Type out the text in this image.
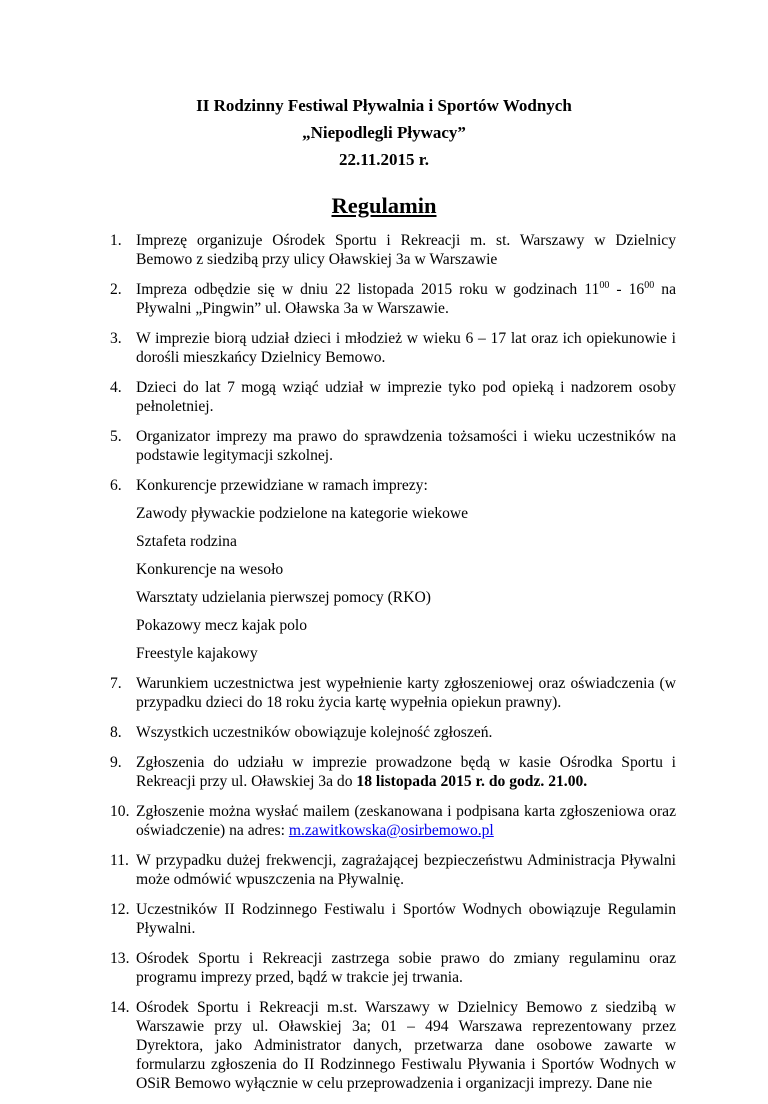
II Rodzinny Festiwal Pływalnia i Sportów Wodnych
„Niepodlegli Pływacy”
22.11.2015 r.
Regulamin
1. Imprezę organizuje Ośrodek Sportu i Rekreacji m. st. Warszawy w Dzielnicy Bemowo z siedzibą przy ulicy Oławskiej 3a w Warszawie
2. Impreza odbędzie się w dniu 22 listopada 2015 roku w godzinach $11^{00} - 16^{00}$ na Pływalni „Pingwin” ul. Oławska 3a w Warszawie.
3. W imprezie biorą udział dzieci i młodzież w wieku 6 – 17 lat oraz ich opiekunowie i dorośli mieszkańcy Dzielnicy Bemowo.
4. Dzieci do lat 7 mogą wziąć udział w imprezie tyko pod opieką i nadzorem osoby pełnoletniej.
5. Organizator imprezy ma prawo do sprawdzenia tożsamości i wieku uczestników na podstawie legitymacji szkolnej.
6. Konkurencje przewidziane w ramach imprezy:
Zawody pływackie podzielone na kategorie wiekowe
Sztafeta rodzina
Konkurencje na wesoło
Warsztaty udzielania pierwszej pomocy (RKO)
Pokazowy mecz kajak polo
Freestyle kajakowy
7. Warunkiem uczestnictwa jest wypełnienie karty zgłoszeniowej oraz oświadczenia (w przypadku dzieci do 18 roku życia kartę wypełnia opiekun prawny).
8. Wszystkich uczestników obowiązuje kolejność zgłoszeń.
9. Zgłoszenia do udziału w imprezie prowadzone będą w kasie Ośrodka Sportu i Rekreacji przy ul. Oławskiej 3a do 18 listopada 2015 r. do godz. 21.00.
10. Zgłoszenie można wysłać mailem (zeskanowana i podpisana karta zgłoszeniowa oraz oświadczenie) na adres: m.zawitkowska@osirbemowo.pl
11. W przypadku dużej frekwencji, zagrażającej bezpieczeństwu Administracja Pływalni może odmówić wpuszczenia na Pływalnię.
12. Uczestników II Rodzinnego Festiwalu i Sportów Wodnych obowiązuje Regulamin Pływalni.
13. Ośrodek Sportu i Rekreacji zastrzega sobie prawo do zmiany regulaminu oraz programu imprezy przed, bądź w trakcie jej trwania.
14. Ośrodek Sportu i Rekreacji m.st. Warszawy w Dzielnicy Bemowo z siedzibą w Warszawie przy ul. Oławskiej 3a; 01 – 494 Warszawa reprezentowany przez Dyrektora, jako Administrator danych, przetwarza dane osobowe zawarte w formularzu zgłoszenia do II Rodzinnego Festiwalu Pływania i Sportów Wodnych w OSiR Bemowo wyłącznie w celu przeprowadzenia i organizacji imprezy. Dane nie
